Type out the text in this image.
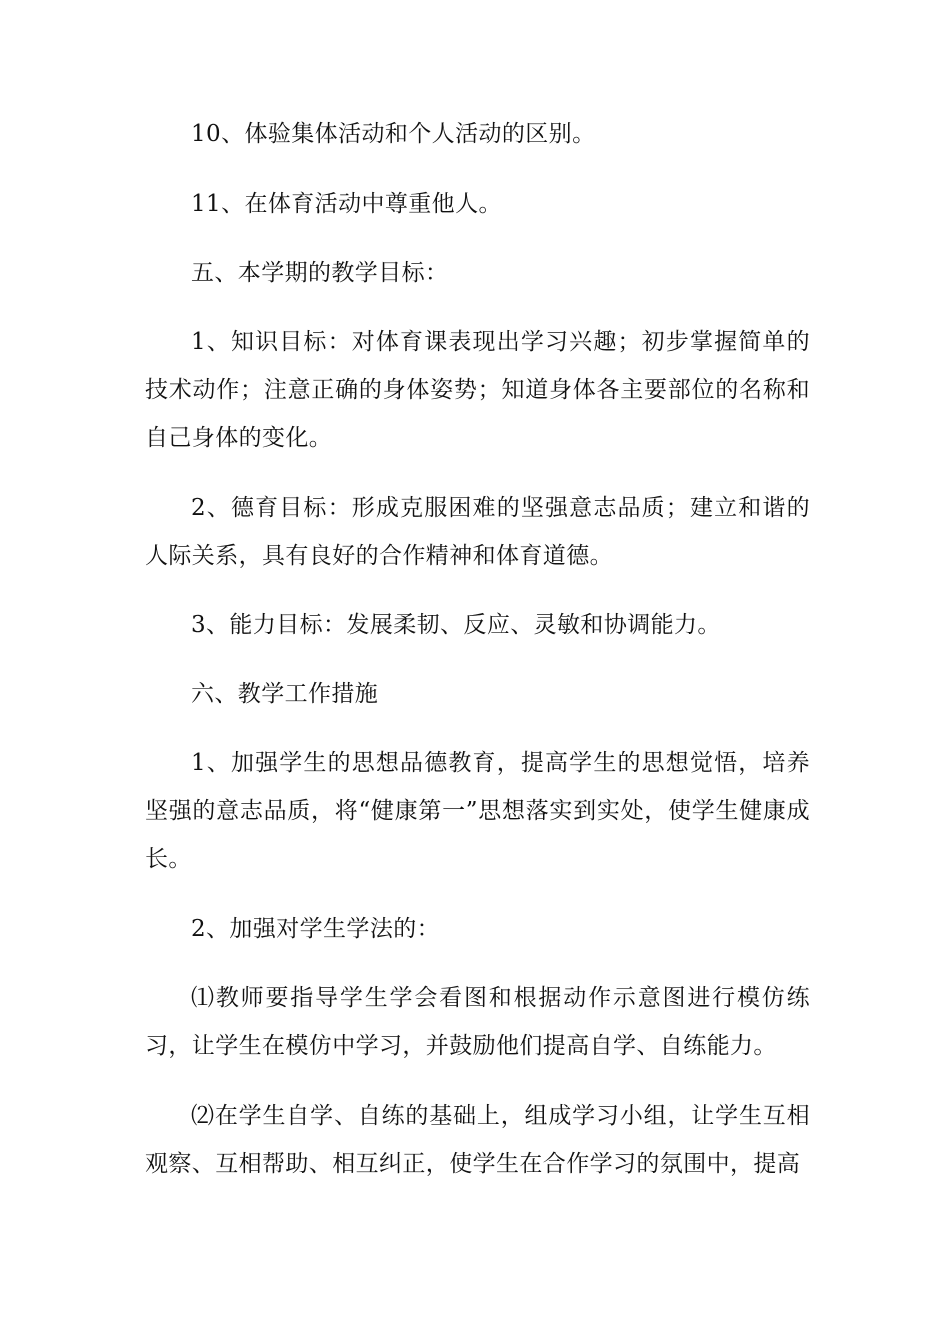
10、体验集体活动和个人活动的区别。

11、在体育活动中尊重他人。

五、本学期的教学目标：

1、知识目标：对体育课表现出学习兴趣；初步掌握简单的技术动作；注意正确的身体姿势；知道身体各主要部位的名称和自己身体的变化。

2、德育目标：形成克服困难的坚强意志品质；建立和谐的人际关系，具有良好的合作精神和体育道德。

3、能力目标：发展柔韧、反应、灵敏和协调能力。

六、教学工作措施

1、加强学生的思想品德教育，提高学生的思想觉悟，培养坚强的意志品质，将“健康第一”思想落实到实处，使学生健康成长。

2、加强对学生学法的：

⑴教师要指导学生学会看图和根据动作示意图进行模仿练习，让学生在模仿中学习，并鼓励他们提高自学、自练能力。

⑵在学生自学、自练的基础上，组成学习小组，让学生互相观察、互相帮助、相互纠正，使学生在合作学习的氛围中，提高
